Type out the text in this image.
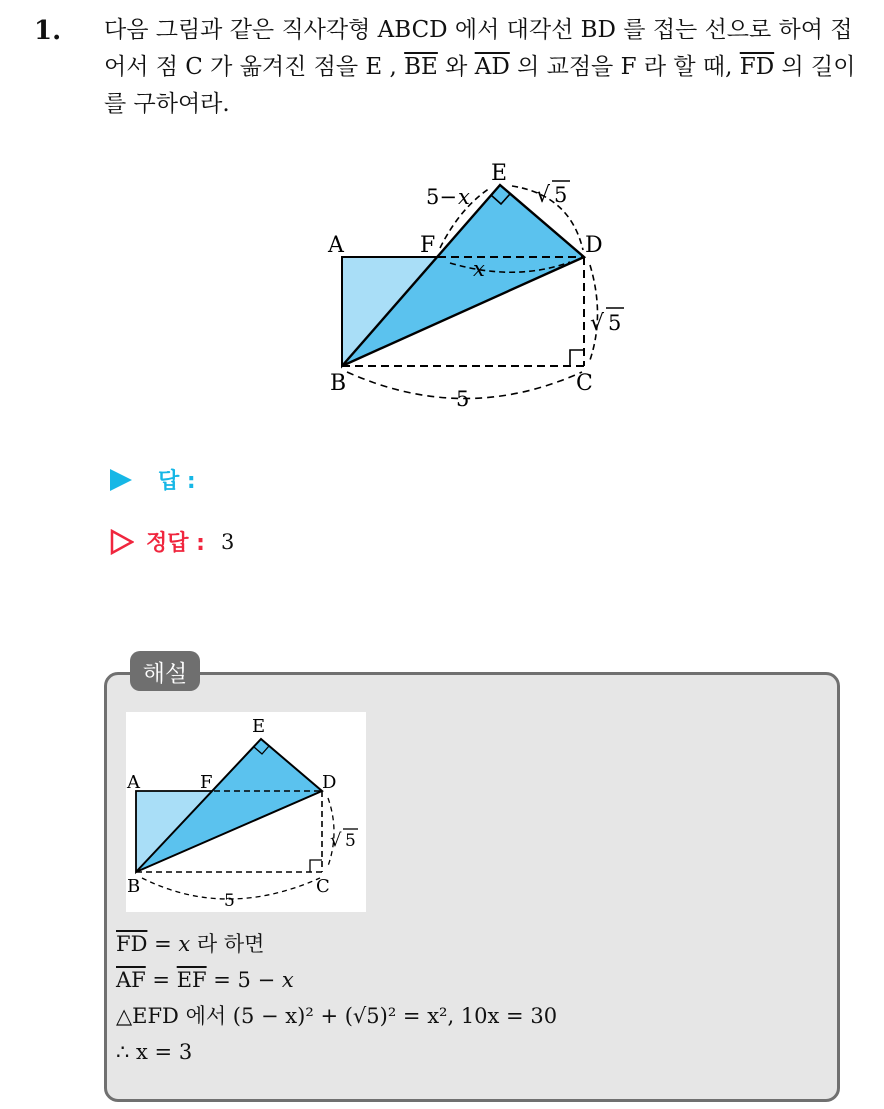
1. 다음 그림과 같은 직사각형 ABCD 에서 대각선 BD 를 접는 선으로 하여 접어서 점 C 가 옮겨진 점을 E , $\overline{BE}$ 와 $\overline{AD}$ 의 교점을 F 라 할 때, $\overline{FD}$ 의 길이를 구하여라.
A	F	D
E
B	C
5− x	√ 5
x
√ 5
5
답 :
정답 : 3
해설
A	F	D
E
B	C
√ 5
5
$\overline{FD} = x$ 라 하면
$\overline{AF} = \overline{EF} = 5 - x$
△EFD 에서 (5 − x)² + (√5)² = x², 10x = 30
∴ x = 3
